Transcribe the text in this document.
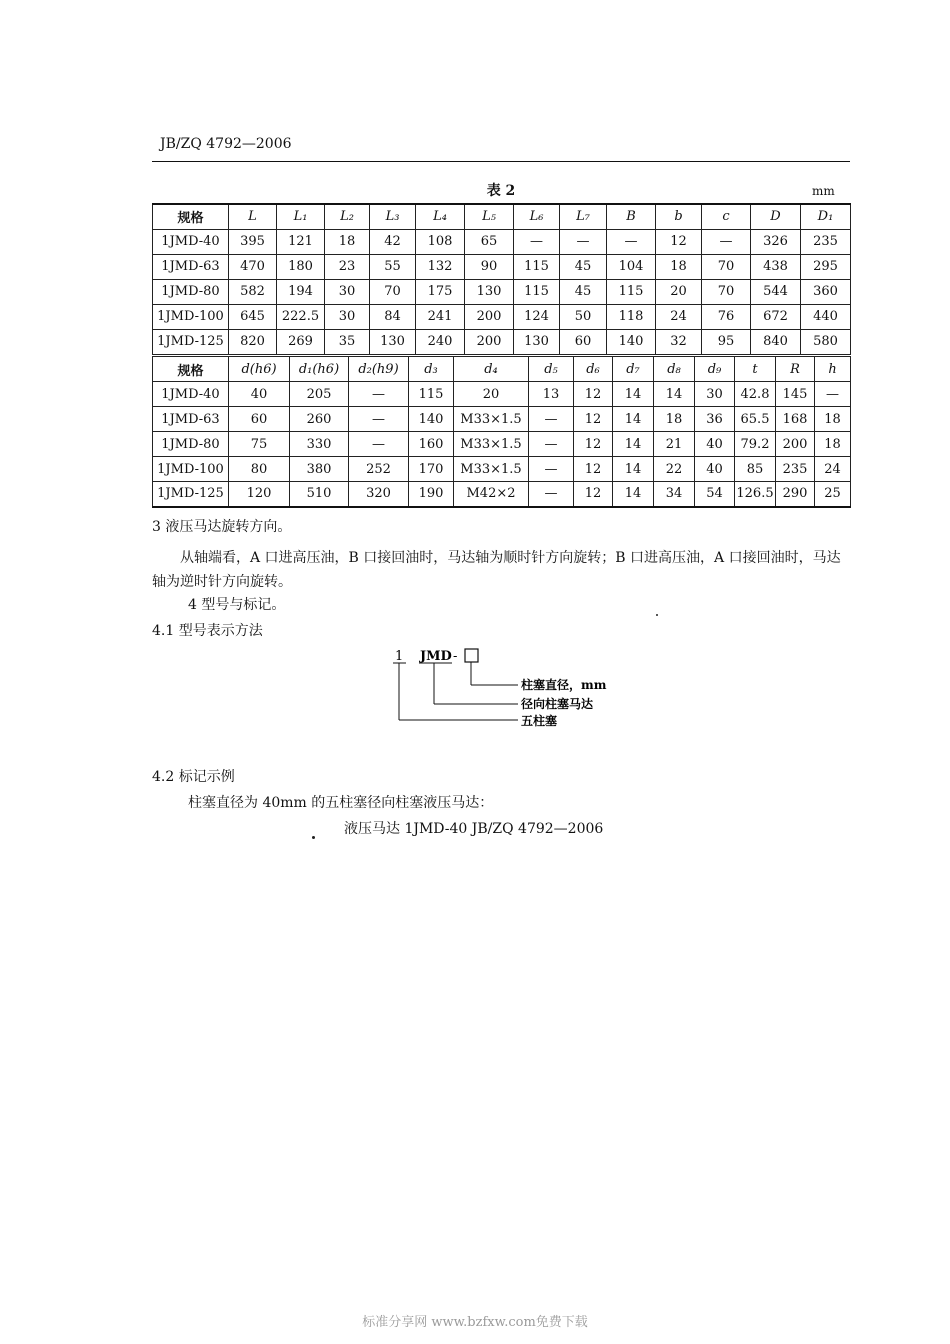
JB/ZQ 4792—2006
表 2	mm
规格	L	L₁	L₂	L₃	L₄	L₅	L₆	L₇	B	b	c	D	D₁
1JMD-40	395	121	18	42	108	65	—	—	—	12	—	326	235
1JMD-63	470	180	23	55	132	90	115	45	104	18	70	438	295
1JMD-80	582	194	30	70	175	130	115	45	115	20	70	544	360
1JMD-100	645	222.5	30	84	241	200	124	50	118	24	76	672	440
1JMD-125	820	269	35	130	240	200	130	60	140	32	95	840	580
规格	d(h6)	d₁(h6)	d₂(h9)	d₃	d₄	d₅	d₆	d₇	d₈	d₉	t	R	h
1JMD-40	40	205	—	115	20	13	12	14	14	30	42.8	145	—
1JMD-63	60	260	—	140	M33×1.5	—	12	14	18	36	65.5	168	18
1JMD-80	75	330	—	160	M33×1.5	—	12	14	21	40	79.2	200	18
1JMD-100	80	380	252	170	M33×1.5	—	12	14	22	40	85	235	24
1JMD-125	120	510	320	190	M42×2	—	12	14	34	54	126.5	290	25
3 液压马达旋转方向。
从轴端看，A 口进高压油，B 口接回油时，马达轴为顺时针方向旋转；B 口进高压油，A 口接回油时，马达轴为逆时针方向旋转。
4 型号与标记。
4.1 型号表示方法
1 JMD -
柱塞直径，mm
径向柱塞马达
五柱塞
4.2 标记示例
柱塞直径为 40mm 的五柱塞径向柱塞液压马达：
液压马达 1JMD-40 JB/ZQ 4792—2006
标准分享网 www.bzfxw.com免费下载
